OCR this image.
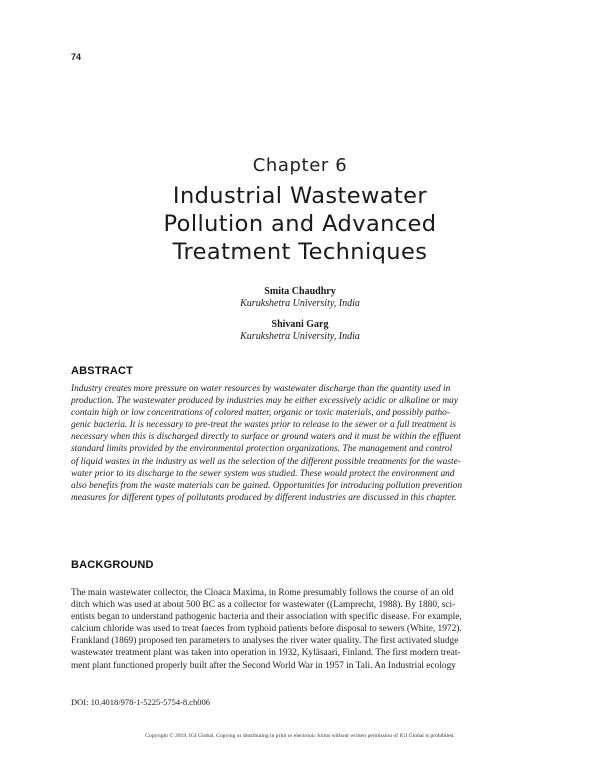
74
Chapter 6
Industrial Wastewater
Pollution and Advanced
Treatment Techniques
Smita Chaudhry
Kurukshetra University, India
Shivani Garg
Kurukshetra University, India
ABSTRACT
Industry creates more pressure on water resources by wastewater discharge than the quantity used in
production. The wastewater produced by industries may be either excessively acidic or alkaline or may
contain high or low concentrations of colored matter, organic or toxic materials, and possibly patho-
genic bacteria. It is necessary to pre-treat the wastes prior to release to the sewer or a full treatment is
necessary when this is discharged directly to surface or ground waters and it must be within the effluent
standard limits provided by the environmental protection organizations. The management and control
of liquid wastes in the industry as well as the selection of the different possible treatments for the waste-
water prior to its discharge to the sewer system was studied. These would protect the environment and
also benefits from the waste materials can be gained. Opportunities for introducing pollution prevention
measures for different types of pollutants produced by different industries are discussed in this chapter.
BACKGROUND
The main wastewater collector, the Cloaca Maxima, in Rome presumably follows the course of an old
ditch which was used at about 500 BC as a collector for wastewater ((Lamprecht, 1988). By 1880, sci-
entists began to understand pathogenic bacteria and their association with specific disease. For example,
calcium chloride was used to treat faeces from typhoid patients before disposal to sewers (White, 1972).
Frankland (1869) proposed ten parameters to analyses the river water quality. The first activated sludge
wastewater treatment plant was taken into operation in 1932, Kyläsaari, Finland. The first modern treat-
ment plant functioned properly built after the Second World War in 1957 in Tali. An Industrial ecology
DOI: 10.4018/978-1-5225-5754-8.ch006
Copyright © 2019, IGI Global. Copying or distributing in print or electronic forms without written permission of IGI Global is prohibited.
